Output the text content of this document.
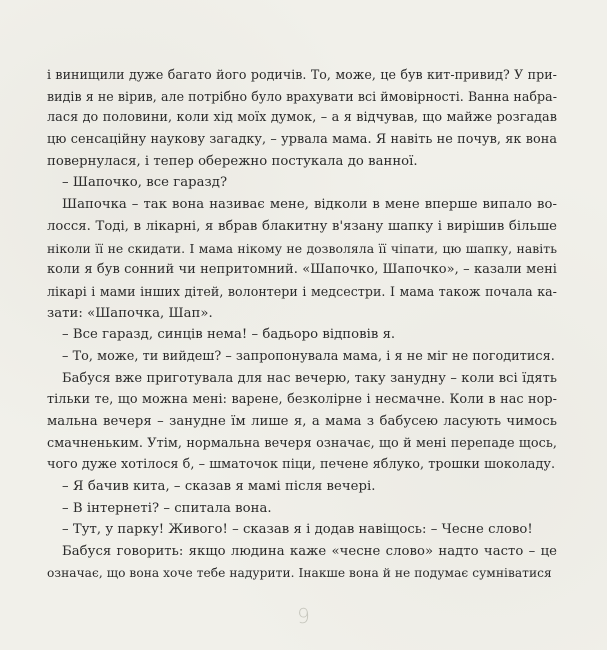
і винищили дуже багато його родичів. То, може, це був кит-привид? У при-
видів я не вірив, але потрібно було врахувати всі ймовірності. Ванна набра-
лася до половини, коли хід моїх думок, – а я відчував, що майже розгадав
цю сенсаційну наукову загадку, – урвала мама. Я навіть не почув, як вона
повернулася, і тепер обережно постукала до ванної.
– Шапочко, все гаразд?
Шапочка – так вона називає мене, відколи в мене вперше випало во-
лосся. Тоді, в лікарні, я вбрав блакитну в'язану шапку і вирішив більше
ніколи її не скидати. І мама нікому не дозволяла її чіпати, цю шапку, навіть
коли я був сонний чи непритомний. «Шапочко, Шапочко», – казали мені
лікарі і мами інших дітей, волонтери і медсестри. І мама також почала ка-
зати: «Шапочка, Шап».
– Все гаразд, синців нема! – бадьоро відповів я.
– То, може, ти вийдеш? – запропонувала мама, і я не міг не погодитися.
Бабуся вже приготувала для нас вечерю, таку занудну – коли всі їдять
тільки те, що можна мені: варене, безколірне і несмачне. Коли в нас нор-
мальна вечеря – занудне їм лише я, а мама з бабусею ласують чимось
смачненьким. Утім, нормальна вечеря означає, що й мені перепаде щось,
чого дуже хотілося б, – шматочок піци, печене яблуко, трошки шоколаду.
– Я бачив кита, – сказав я мамі після вечері.
– В інтернеті? – спитала вона.
– Тут, у парку! Живого! – сказав я і додав навіщось: – Чесне слово!
Бабуся говорить: якщо людина каже «чесне слово» надто часто – це
означає, що вона хоче тебе надурити. Інакше вона й не подумає сумніватися
9
